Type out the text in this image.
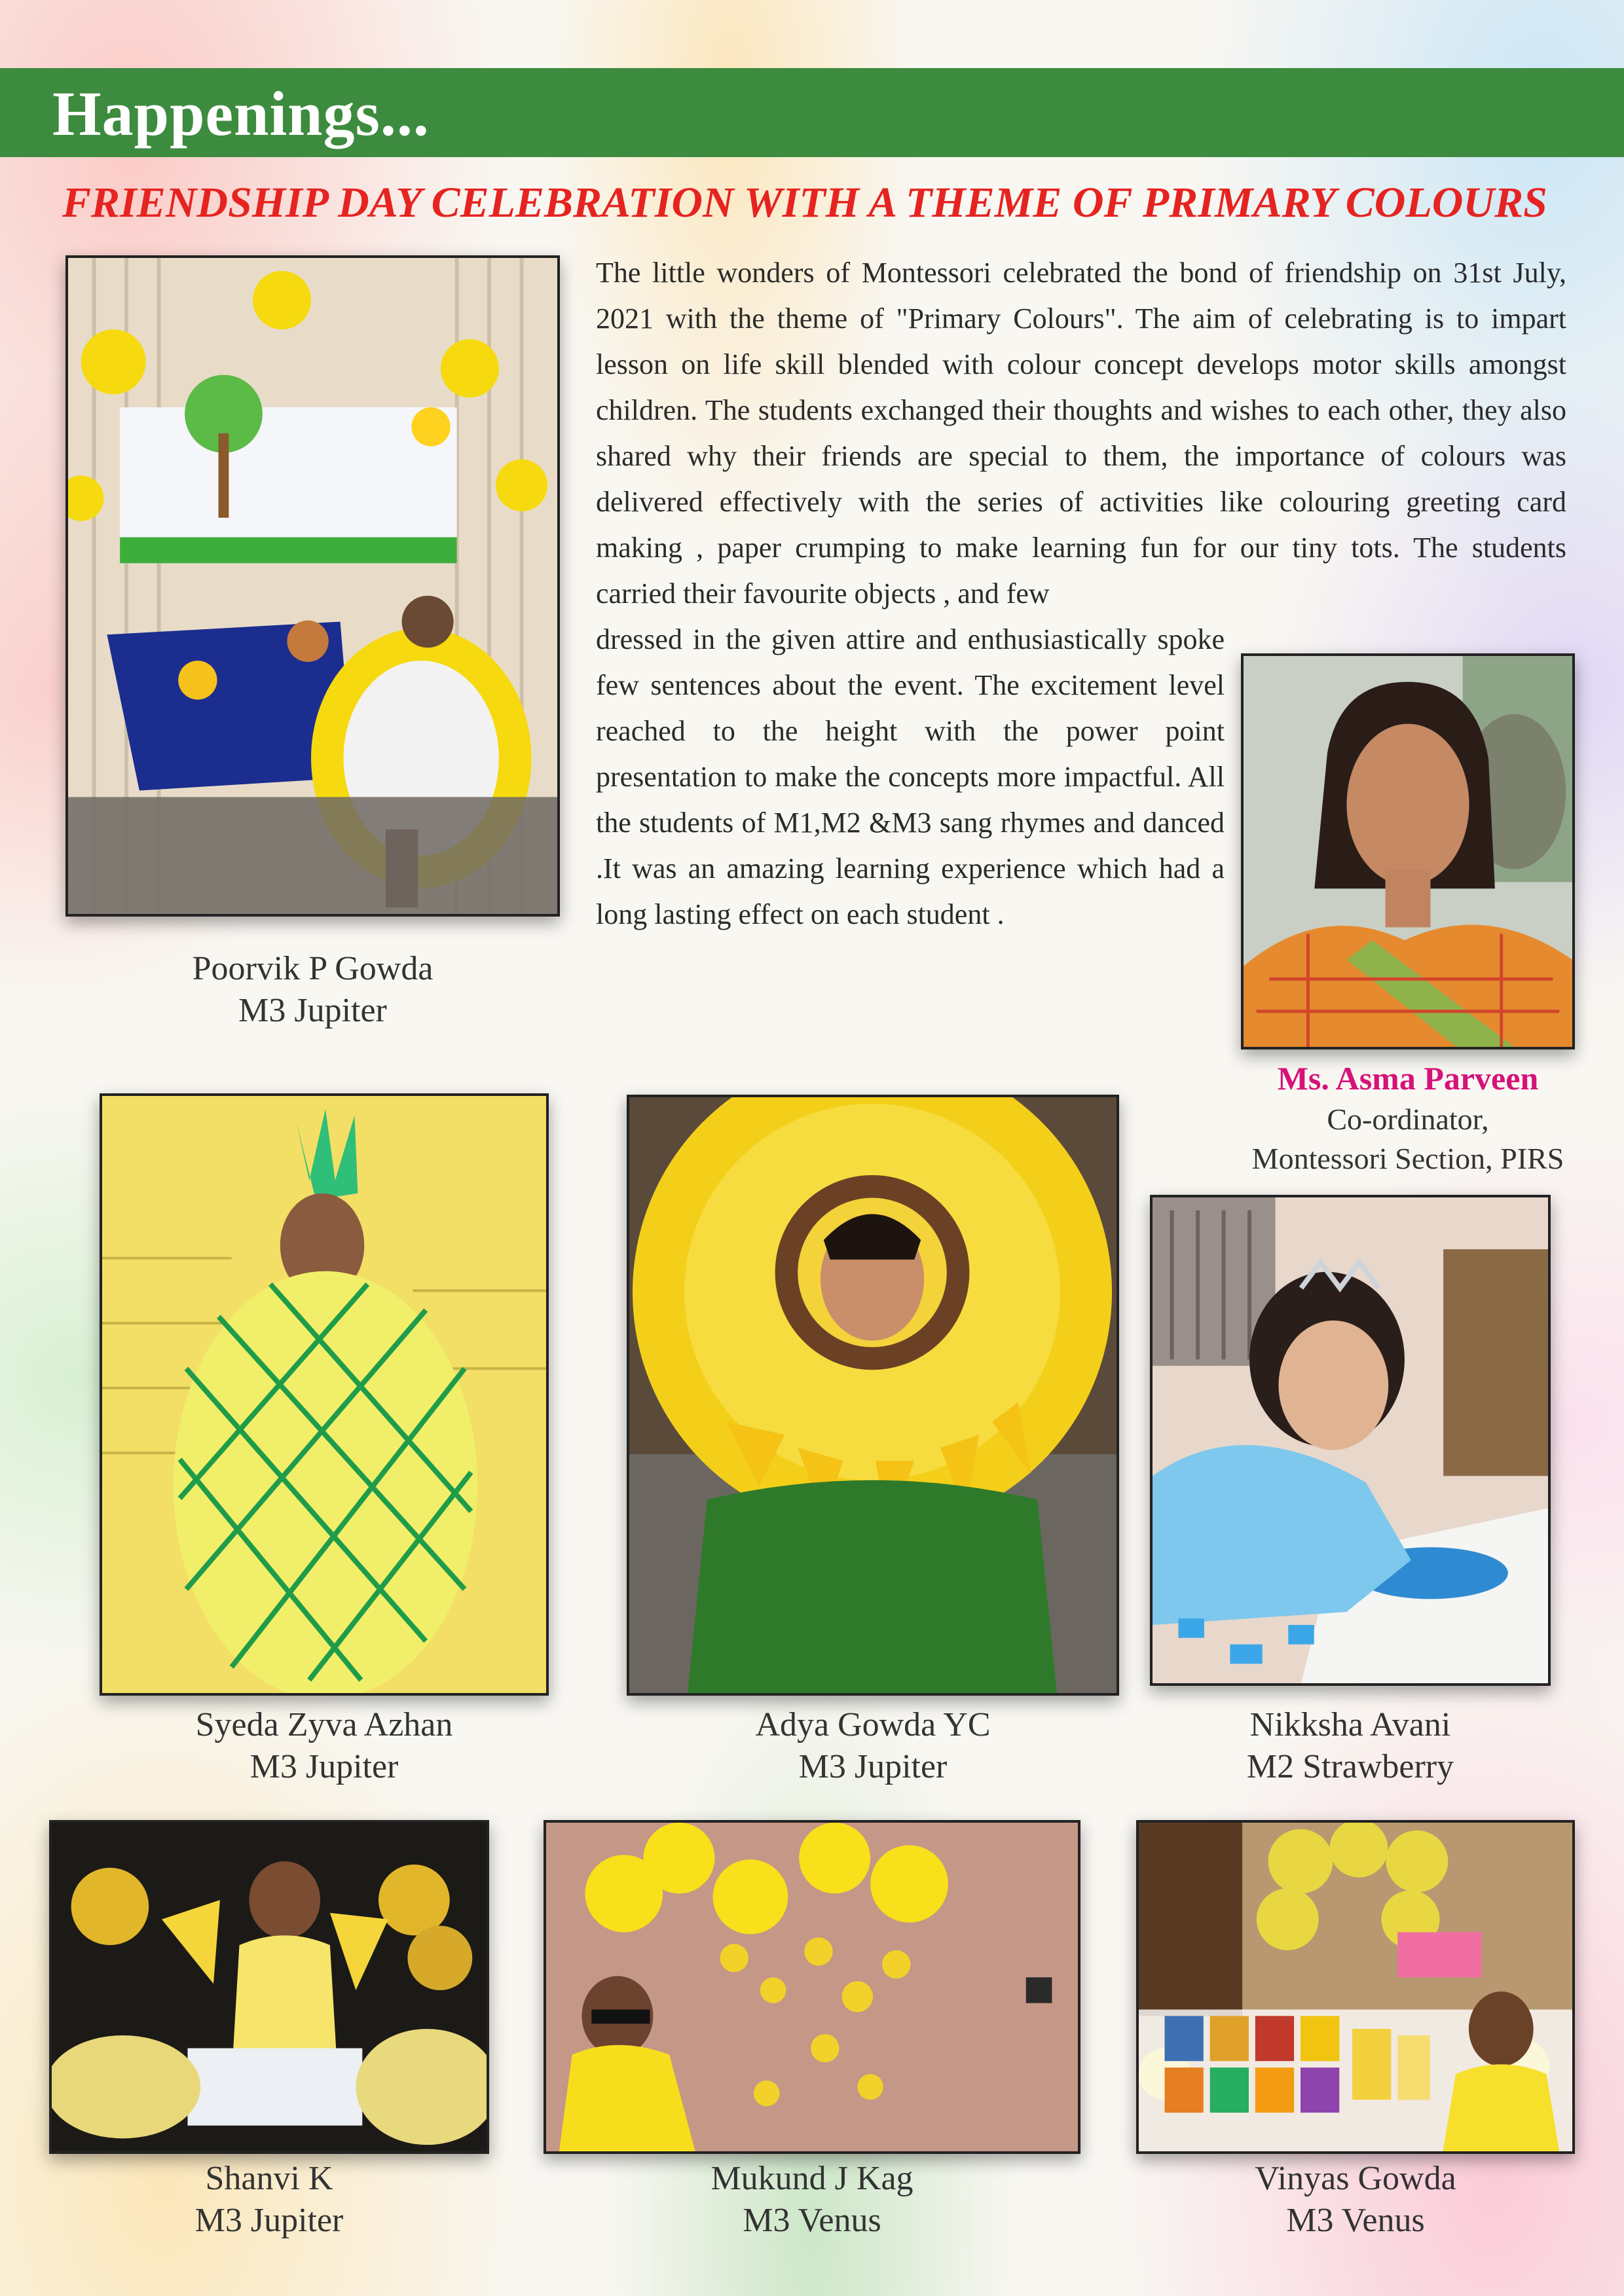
Happenings...
FRIENDSHIP DAY CELEBRATION WITH A THEME OF PRIMARY COLOURS
Poorvik P Gowda
M3 Jupiter
The little wonders of Montessori celebrated the bond of friendship on 31st July, 2021 with the theme of "Primary Colours". The aim of celebrating is to impart lesson on life skill blended with colour concept develops motor skills amongst children. The students exchanged their thoughts and wishes to each other, they also shared why their friends are special to them, the importance of colours was delivered effectively with the series of activities like colouring greeting card making , paper crumping to make learning fun for our tiny tots. The students carried their favourite objects , and few
dressed in the given attire and enthusiastically spoke few sentences about the event. The excitement level reached to the height with the power point presentation to make the concepts more impactful. All the students of M1,M2 &M3 sang rhymes and danced .It was an amazing learning experience which had a long lasting effect on each student .
Ms. Asma Parveen
Co-ordinator,
Montessori Section, PIRS
Syeda Zyva Azhan
M3 Jupiter
Adya Gowda YC
M3 Jupiter
Nikksha Avani
M2 Strawberry
Shanvi K
M3 Jupiter
Mukund J Kag
M3 Venus
Vinyas Gowda
M3 Venus
